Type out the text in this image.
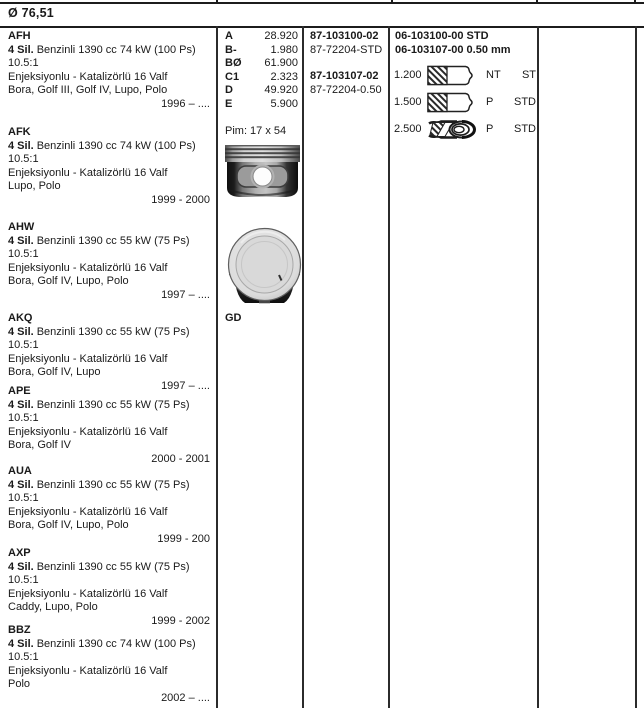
Ø 76,51
AFH
4 Sil. Benzinli 1390 cc 74 kW (100 Ps)
10.5:1
Enjeksiyonlu - Katalizörlü 16 Valf
Bora, Golf III, Golf IV, Lupo, Polo
1996 – ....
AFK
4 Sil. Benzinli 1390 cc 74 kW (100 Ps)
10.5:1
Enjeksiyonlu - Katalizörlü 16 Valf
Lupo, Polo
1999 - 2000
AHW
4 Sil. Benzinli 1390 cc 55 kW (75 Ps) 10.5:1
Enjeksiyonlu - Katalizörlü 16 Valf
Bora, Golf IV, Lupo, Polo
1997 – ....
AKQ
4 Sil. Benzinli 1390 cc 55 kW (75 Ps) 10.5:1
Enjeksiyonlu - Katalizörlü 16 Valf
Bora, Golf IV, Lupo
1997 – ....
APE
4 Sil. Benzinli 1390 cc 55 kW (75 Ps) 10.5:1
Enjeksiyonlu - Katalizörlü 16 Valf
Bora, Golf IV
2000 - 2001
AUA
4 Sil. Benzinli 1390 cc 55 kW (75 Ps) 10.5:1
Enjeksiyonlu - Katalizörlü 16 Valf
Bora, Golf IV, Lupo, Polo
1999 - 200
AXP
4 Sil. Benzinli 1390 cc 55 kW (75 Ps) 10.5:1
Enjeksiyonlu - Katalizörlü 16 Valf
Caddy, Lupo, Polo
1999 - 2002
BBZ
4 Sil. Benzinli 1390 cc 74 kW (100 Ps)
10.5:1
Enjeksiyonlu - Katalizörlü 16 Valf
Polo
2002 – ....
A	28.920
B-	1.980
BØ 61.900
C1	2.323
D	49.920
E	5.900
Pim: 17 x 54
GD
87-103100-02
87-72204-STD
87-103107-02
87-72204-0.50
06-103100-00 STD
06-103107-00 0.50 mm
1.200	NT	ST
1.500	P	STD
2.500	P	STD
